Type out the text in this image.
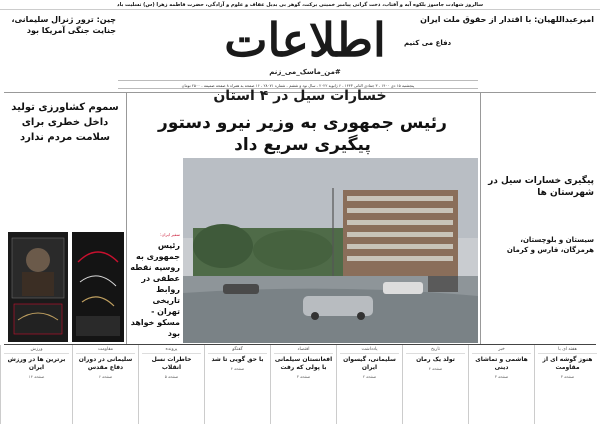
سالروز شهادت جاسوز بلکوه آبه و آفتاب، ذخت گرانی پیامبر خمینی برکت، گوهر بی بدیل عفاف و علوم و آزادگی، حضرت فاطمه زهرا (س) تسلیت باد
اطلاعات
#من_ماسک_می_زنم
پنجشنبه ۱۵ دی ۱۴۰۰ - ۳ جمادی الثانی ۱۴۴۳ - ۶ ژانویه ۲۰۲۲ - سال نود و ششم - شماره ۲۸۰۷۱ - ۱۶ صفحه به همراه ۸ صفحه ضمیمه - ۲۵۰۰ تومان
امیرعبداللهیان: با اقتدار از حقوق ملت ایران
دفاع می کنیم
چین: ترور ژنرال سلیمانی، جنایت جنگی آمریکا بود
خسارات سیل در ۴ استان
رئیس جمهوری به وزیر نیرو دستور پیگیری سریع داد
سموم کشاورزی تولید داخل خطری برای سلامت مردم ندارد
سفیر ایران:
رئیس جمهوری به روسیه نقطه عطفی در روابط تاریخی تهران - مسکو خواهد بود
پیگیری خسارات سیل در شهرستان ها
سیستان و بلوچستان، هرمزگان، فارس و کرمان
هفته ای با
هنوز گوشه ای از مقاومت
صفحه ۳
خبر
هاشمی و تماشای دینی
صفحه ۳
تاریخ
تولد یک رمان
صفحه ۴
یادداشت
سلیمانی، گیسوان ایران
صفحه ۲
اقتصاد
افغانستان سیلمانی با پولی که رفت
صفحه ۳
گفتگو
با حق گویی تا شد
صفحه ۴
پرونده
خاطرات نسل انقلاب
صفحه ۵
مقاومت
سلیمانی در دوران دفاع مقدس
صفحه ۶
ورزش
برترین ها در ورزش ایران
صفحه ۱۴
